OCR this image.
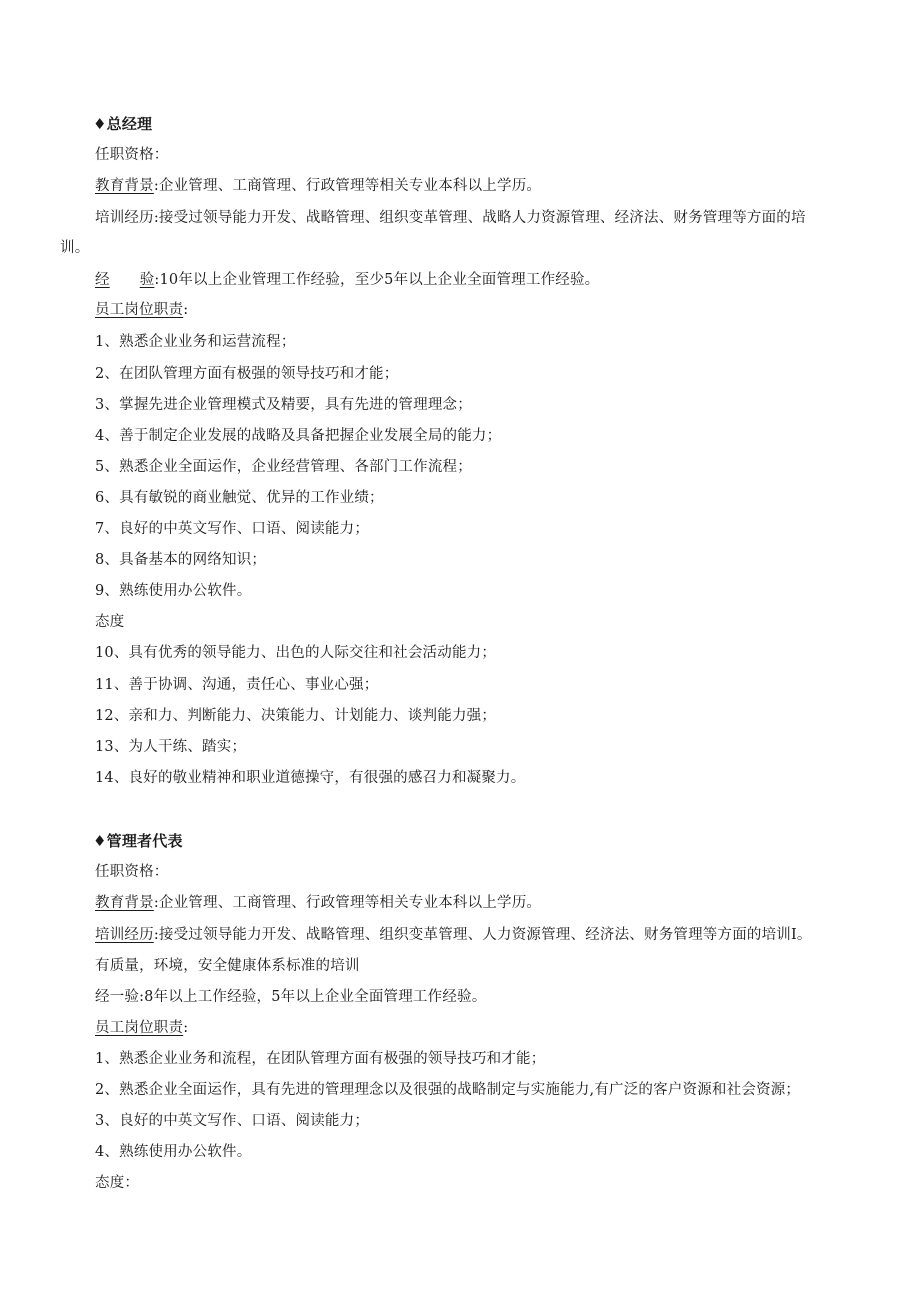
♦总经理
任职资格：
教育背景:企业管理、工商管理、行政管理等相关专业本科以上学历。
培训经历:接受过领导能力开发、战略管理、组织变革管理、战略人力资源管理、经济法、财务管理等方面的培
训。
经 验:10年以上企业管理工作经验，至少5年以上企业全面管理工作经验。
员工岗位职责:
1、熟悉企业业务和运营流程；
2、在团队管理方面有极强的领导技巧和才能；
3、掌握先进企业管理模式及精要，具有先进的管理理念；
4、善于制定企业发展的战略及具备把握企业发展全局的能力；
5、熟悉企业全面运作，企业经营管理、各部门工作流程；
6、具有敏锐的商业触觉、优异的工作业绩；
7、良好的中英文写作、口语、阅读能力；
8、具备基本的网络知识；
9、熟练使用办公软件。
态度
10、具有优秀的领导能力、出色的人际交往和社会活动能力；
11、善于协调、沟通，责任心、事业心强；
12、亲和力、判断能力、决策能力、计划能力、谈判能力强；
13、为人干练、踏实；
14、良好的敬业精神和职业道德操守，有很强的感召力和凝聚力。
♦管理者代表
任职资格：
教育背景:企业管理、工商管理、行政管理等相关专业本科以上学历。
培训经历:接受过领导能力开发、战略管理、组织变革管理、人力资源管理、经济法、财务管理等方面的培训I。
有质量，环境，安全健康体系标准的培训
经一验:8年以上工作经验，5年以上企业全面管理工作经验。
员工岗位职责:
1、熟悉企业业务和流程，在团队管理方面有极强的领导技巧和才能；
2、熟悉企业全面运作，具有先进的管理理念以及很强的战略制定与实施能力,有广泛的客户资源和社会资源；
3、良好的中英文写作、口语、阅读能力；
4、熟练使用办公软件。
态度：
